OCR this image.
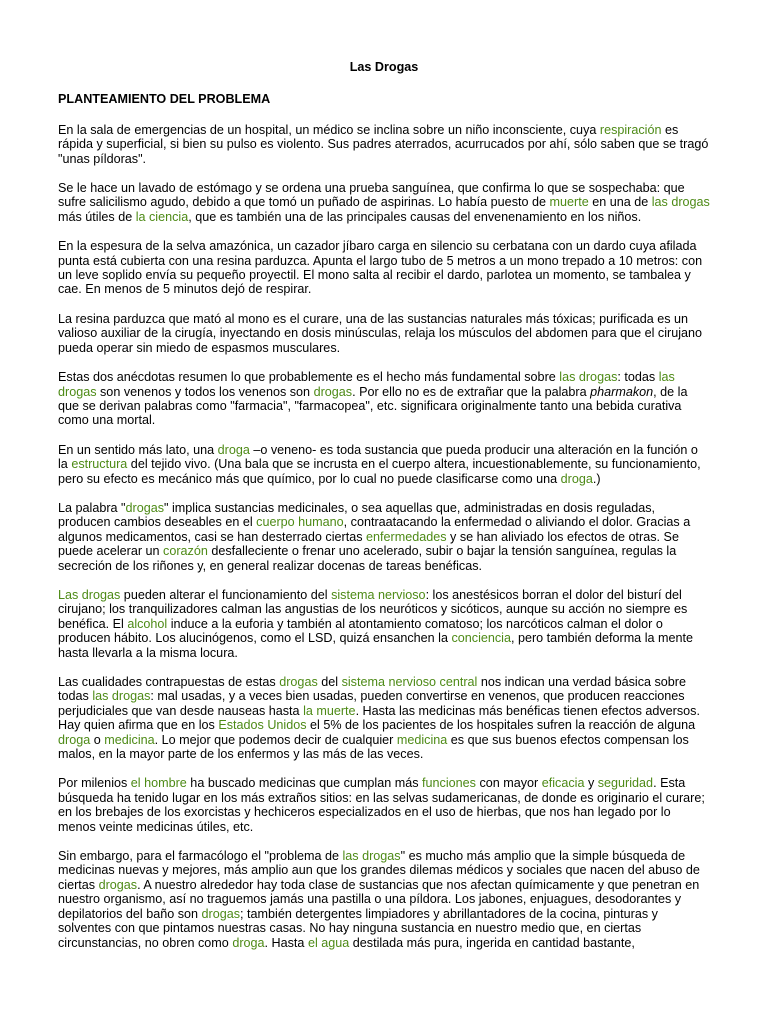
Las Drogas
PLANTEAMIENTO DEL PROBLEMA

En la sala de emergencias de un hospital, un médico se inclina sobre un niño inconsciente, cuya respiración es rápida y superficial, si bien su pulso es violento. Sus padres aterrados, acurrucados por ahí, sólo saben que se tragó "unas píldoras".

Se le hace un lavado de estómago y se ordena una prueba sanguínea, que confirma lo que se sospechaba: que sufre salicilismo agudo, debido a que tomó un puñado de aspirinas. Lo había puesto de muerte en una de las drogas más útiles de la ciencia, que es también una de las principales causas del envenenamiento en los niños.

En la espesura de la selva amazónica, un cazador jíbaro carga en silencio su cerbatana con un dardo cuya afilada punta está cubierta con una resina parduzca. Apunta el largo tubo de 5 metros a un mono trepado a 10 metros: con un leve soplido envía su pequeño proyectil. El mono salta al recibir el dardo, parlotea un momento, se tambalea y cae. En menos de 5 minutos dejó de respirar.

La resina parduzca que mató al mono es el curare, una de las sustancias naturales más tóxicas; purificada es un valioso auxiliar de la cirugía, inyectando en dosis minúsculas, relaja los músculos del abdomen para que el cirujano pueda operar sin miedo de espasmos musculares.

Estas dos anécdotas resumen lo que probablemente es el hecho más fundamental sobre las drogas: todas las drogas son venenos y todos los venenos son drogas. Por ello no es de extrañar que la palabra pharmakon, de la que se derivan palabras como "farmacia", "farmacopea", etc. significara originalmente tanto una bebida curativa como una mortal.

En un sentido más lato, una droga –o veneno- es toda sustancia que pueda producir una alteración en la función o la estructura del tejido vivo. (Una bala que se incrusta en el cuerpo altera, incuestionablemente, su funcionamiento, pero su efecto es mecánico más que químico, por lo cual no puede clasificarse como una droga.)

La palabra "drogas" implica sustancias medicinales, o sea aquellas que, administradas en dosis reguladas, producen cambios deseables en el cuerpo humano, contraatacando la enfermedad o aliviando el dolor. Gracias a algunos medicamentos, casi se han desterrado ciertas enfermedades y se han aliviado los efectos de otras. Se puede acelerar un corazón desfalleciente o frenar uno acelerado, subir o bajar la tensión sanguínea, regulas la secreción de los riñones y, en general realizar docenas de tareas benéficas.

Las drogas pueden alterar el funcionamiento del sistema nervioso: los anestésicos borran el dolor del bisturí del cirujano; los tranquilizadores calman las angustias de los neuróticos y sicóticos, aunque su acción no siempre es benéfica. El alcohol induce a la euforia y también al atontamiento comatoso; los narcóticos calman el dolor o producen hábito. Los alucinógenos, como el LSD, quizá ensanchen la conciencia, pero también deforma la mente hasta llevarla a la misma locura.

Las cualidades contrapuestas de estas drogas del sistema nervioso central nos indican una verdad básica sobre todas las drogas: mal usadas, y a veces bien usadas, pueden convertirse en venenos, que producen reacciones perjudiciales que van desde nauseas hasta la muerte. Hasta las medicinas más benéficas tienen efectos adversos. Hay quien afirma que en los Estados Unidos el 5% de los pacientes de los hospitales sufren la reacción de alguna droga o medicina. Lo mejor que podemos decir de cualquier medicina es que sus buenos efectos compensan los malos, en la mayor parte de los enfermos y las más de las veces.

Por milenios el hombre ha buscado medicinas que cumplan más funciones con mayor eficacia y seguridad. Esta búsqueda ha tenido lugar en los más extraños sitios: en las selvas sudamericanas, de donde es originario el curare; en los brebajes de los exorcistas y hechiceros especializados en el uso de hierbas, que nos han legado por lo menos veinte medicinas útiles, etc.

Sin embargo, para el farmacólogo el "problema de las drogas" es mucho más amplio que la simple búsqueda de medicinas nuevas y mejores, más amplio aun que los grandes dilemas médicos y sociales que nacen del abuso de ciertas drogas. A nuestro alrededor hay toda clase de sustancias que nos afectan químicamente y que penetran en nuestro organismo, así no traguemos jamás una pastilla o una píldora. Los jabones, enjuagues, desodorantes y depilatorios del baño son drogas; también detergentes limpiadores y abrillantadores de la cocina, pinturas y solventes con que pintamos nuestras casas. No hay ninguna sustancia en nuestro medio que, en ciertas circunstancias, no obren como droga. Hasta el agua destilada más pura, ingerida en cantidad bastante,
